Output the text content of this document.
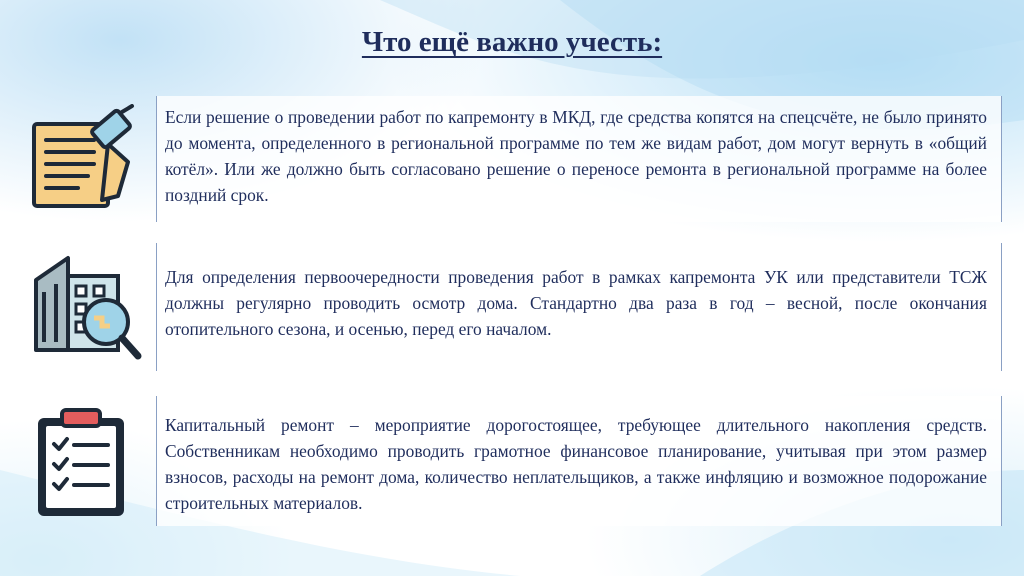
Что ещё важно учесть:

Если решение о проведении работ по капремонту в МКД, где средства копятся на спецсчёте, не было принято до момента, определенного в региональной программе по тем же видам работ, дом могут вернуть в «общий котёл». Или же должно быть согласовано решение о переносе ремонта в региональной программе на более поздний срок.

Для определения первоочередности проведения работ в рамках капремонта УК или представители ТСЖ должны регулярно проводить осмотр дома. Стандартно два раза в год – весной, после окончания отопительного сезона, и осенью, перед его началом.

Капитальный ремонт – мероприятие дорогостоящее, требующее длительного накопления средств. Собственникам необходимо проводить грамотное финансовое планирование, учитывая при этом размер взносов, расходы на ремонт дома, количество неплательщиков, а также инфляцию и возможное подорожание строительных материалов.
